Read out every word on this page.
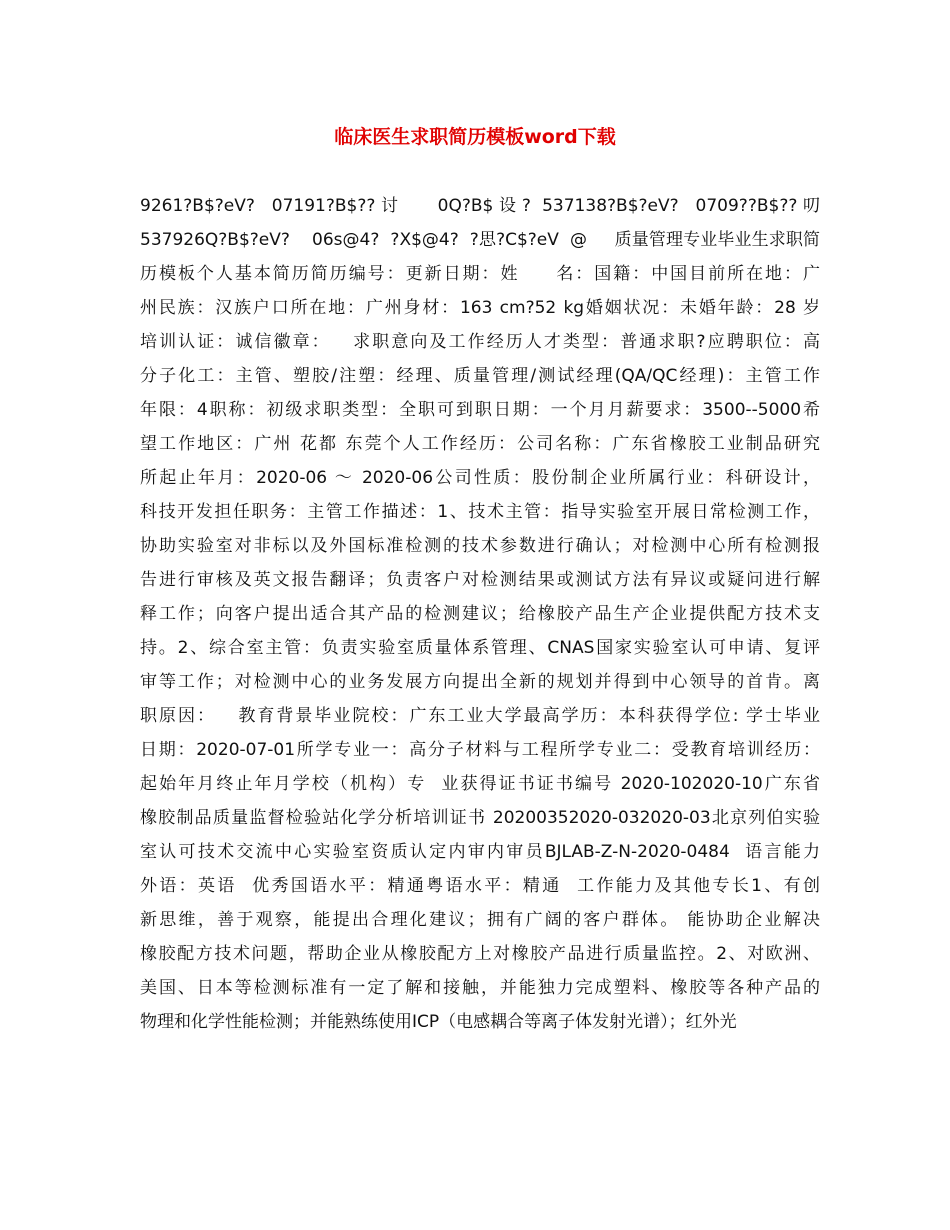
临床医生求职简历模板word下载
9261?B$?eV?   07191?B$?? 讨       0Q?B$ 设 ?  537138?B$?eV?   0709??B$?? 叨
537926Q?B$?eV?    06s@4?  ?X$@4?  ?思?C$?eV  @     质量管理专业毕业生求职简
历模板个人基本简历简历编号：更新日期：姓     名：国籍：中国目前所在地：广
州民族：汉族户口所在地：广州身材：163 cm?52 kg婚姻状况：未婚年龄：28 岁
培训认证：诚信徽章：   求职意向及工作经历人才类型：普通求职?应聘职位：高
分子化工：主管、塑胶/注塑：经理、质量管理/测试经理(QA/QC经理)：主管工作
年限：4职称：初级求职类型：全职可到职日期：一个月月薪要求：3500--5000希
望工作地区：广州 花都 东莞个人工作经历：公司名称：广东省橡胶工业制品研究
所起止年月：2020-06 ～ 2020-06公司性质：股份制企业所属行业：科研设计，
科技开发担任职务：主管工作描述：1、技术主管：指导实验室开展日常检测工作，
协助实验室对非标以及外国标准检测的技术参数进行确认；对检测中心所有检测报
告进行审核及英文报告翻译；负责客户对检测结果或测试方法有异议或疑问进行解
释工作；向客户提出适合其产品的检测建议；给橡胶产品生产企业提供配方技术支
持。2、综合室主管：负责实验室质量体系管理、CNAS国家实验室认可申请、复评
审等工作；对检测中心的业务发展方向提出全新的规划并得到中心领导的首肯。离
职原因：   教育背景毕业院校：广东工业大学最高学历：本科获得学位: 学士毕业
日期：2020-07-01所学专业一：高分子材料与工程所学专业二：受教育培训经历：
起始年月终止年月学校（机构）专  业获得证书证书编号 2020-102020-10广东省
橡胶制品质量监督检验站化学分析培训证书 20200352020-032020-03北京列伯实验
室认可技术交流中心实验室资质认定内审内审员BJLAB-Z-N-2020-0484  语言能力
外语：英语  优秀国语水平：精通粤语水平：精通  工作能力及其他专长1、有创
新思维，善于观察，能提出合理化建议；拥有广阔的客户群体。 能协助企业解决
橡胶配方技术问题，帮助企业从橡胶配方上对橡胶产品进行质量监控。2、对欧洲、
美国、日本等检测标准有一定了解和接触，并能独力完成塑料、橡胶等各种产品的
物理和化学性能检测；并能熟练使用ICP（电感耦合等离子体发射光谱）；红外光
